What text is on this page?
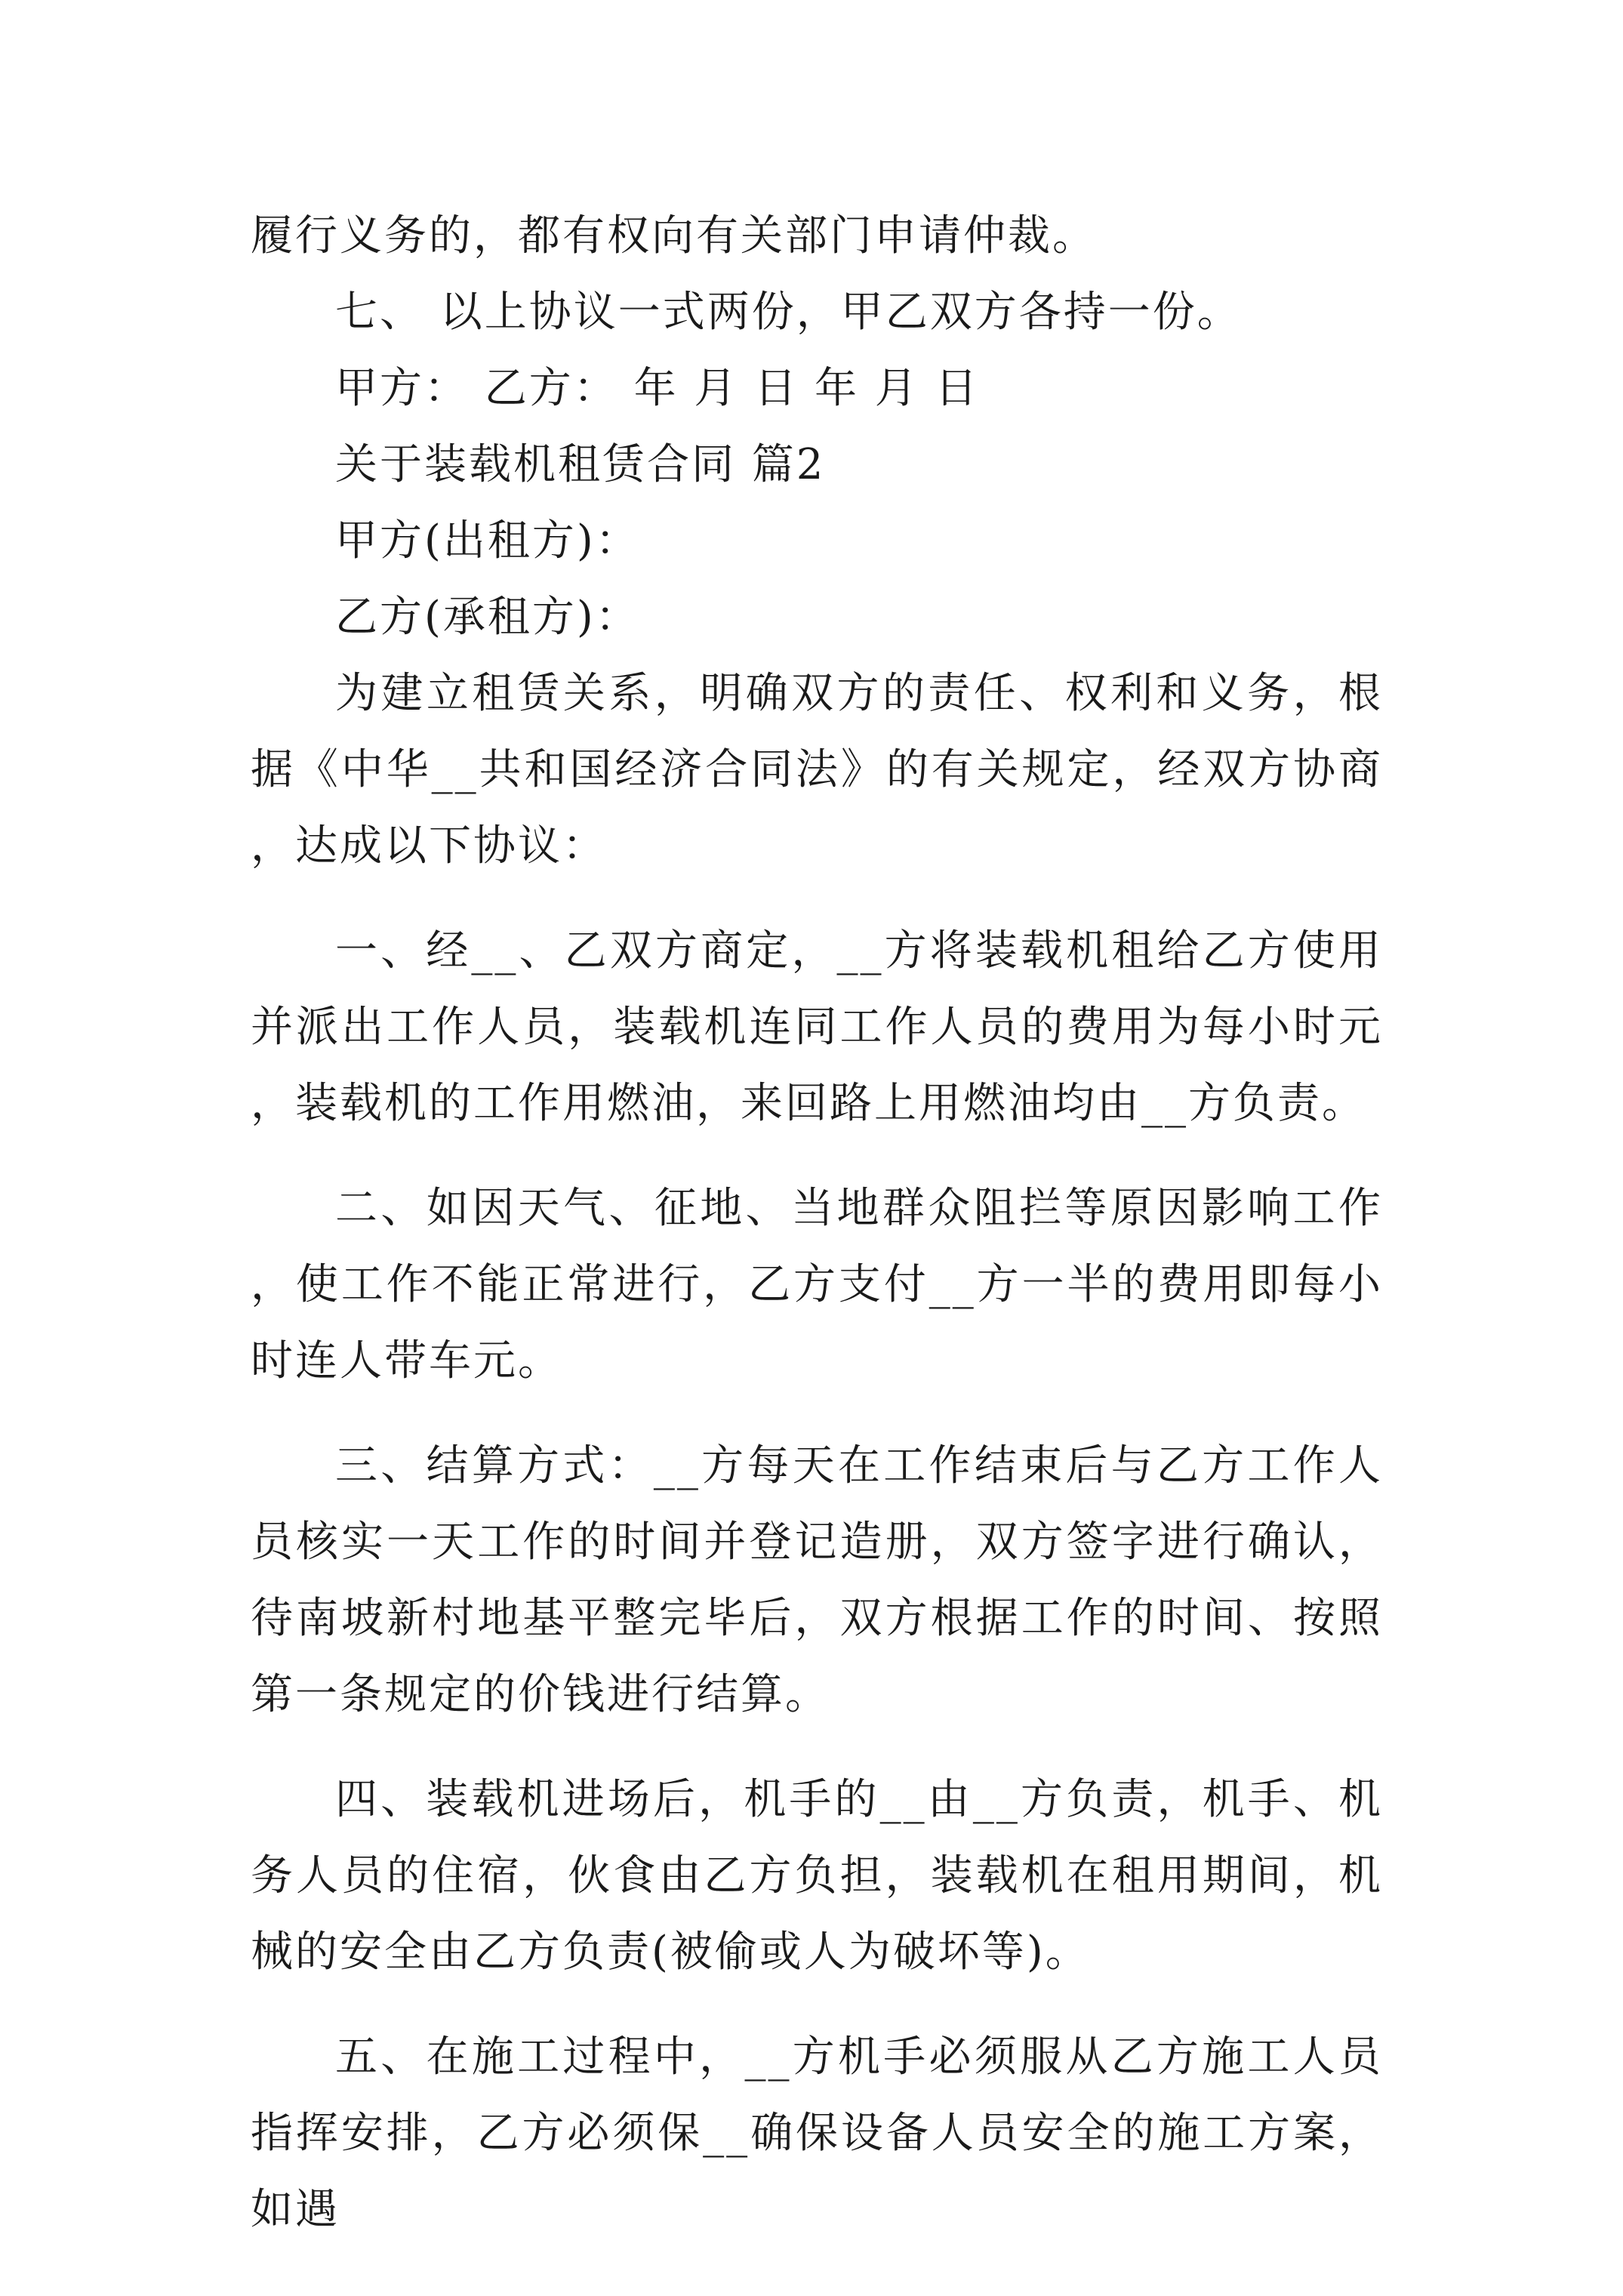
履行义务的，都有权向有关部门申请仲裁。

七、 以上协议一式两份，甲乙双方各持一份。

甲方： 乙方： 年 月 日 年 月 日

关于装载机租赁合同 篇2

甲方(出租方)：

乙方(承租方)：

为建立租赁关系，明确双方的责任、权利和义务，根据《中华__共和国经济合同法》的有关规定，经双方协商，达成以下协议：

一、经__、乙双方商定，__方将装载机租给乙方使用并派出工作人员，装载机连同工作人员的费用为每小时元，装载机的工作用燃油，来回路上用燃油均由__方负责。

二、如因天气、征地、当地群众阻拦等原因影响工作，使工作不能正常进行，乙方支付__方一半的费用即每小时连人带车元。

三、结算方式：__方每天在工作结束后与乙方工作人员核实一天工作的时间并登记造册，双方签字进行确认，待南坡新村地基平整完毕后，双方根据工作的时间、按照第一条规定的价钱进行结算。

四、装载机进场后，机手的__由__方负责，机手、机务人员的住宿，伙食由乙方负担，装载机在租用期间，机械的安全由乙方负责(被偷或人为破坏等)。

五、在施工过程中，__方机手必须服从乙方施工人员指挥安排，乙方必须保__确保设备人员安全的施工方案，如遇
